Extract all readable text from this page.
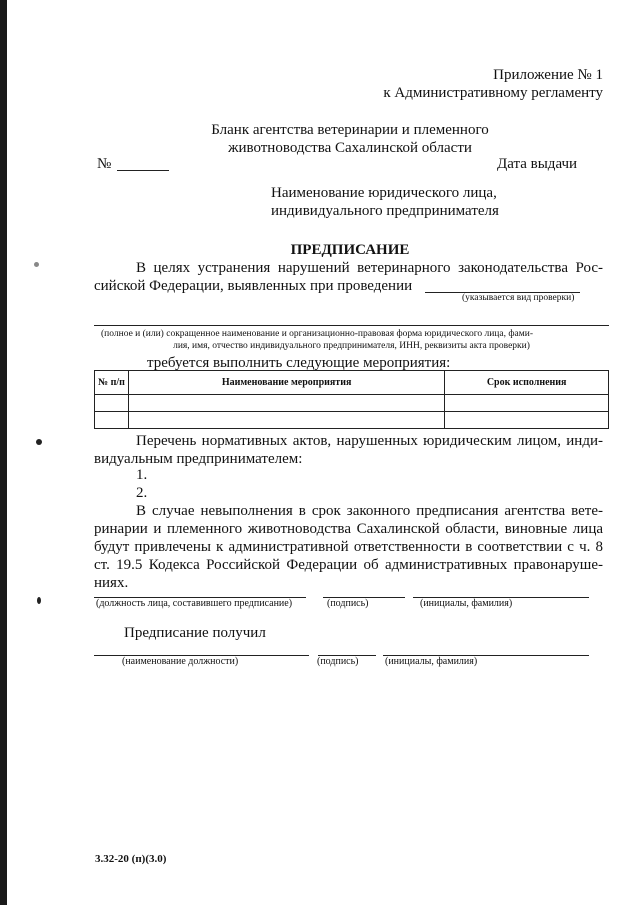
Приложение № 1
к Административному регламенту
Бланк агентства ветеринарии и племенного
животноводства Сахалинской области
№	Дата выдачи
Наименование юридического лица,
индивидуального предпринимателя
ПРЕДПИСАНИЕ
В целях устранения нарушений ветеринарного законодательства Рос-
сийской Федерации, выявленных при проведении
(указывается вид проверки)
(полное и (или) сокращенное наименование и организационно-правовая форма юридического лица, фами-
лия, имя, отчество индивидуального предпринимателя, ИНН, реквизиты акта проверки)
требуется выполнить следующие мероприятия:
№ п/п	Наименование мероприятия	Срок исполнения

Перечень нормативных актов, нарушенных юридическим лицом, инди-
видуальным предпринимателем:
1.
2.
В случае невыполнения в срок законного предписания агентства вете-
ринарии и племенного животноводства Сахалинской области, виновные лица
будут привлечены к административной ответственности в соответствии с ч. 8
ст. 19.5 Кодекса Российской Федерации об административных правонаруше-
ниях.
(должность лица, составившего предписание)	(подпись)	(инициалы, фамилия)
Предписание получил
(наименование должности)	(подпись)	(инициалы, фамилия)
3.32-20 (п)(3.0)
